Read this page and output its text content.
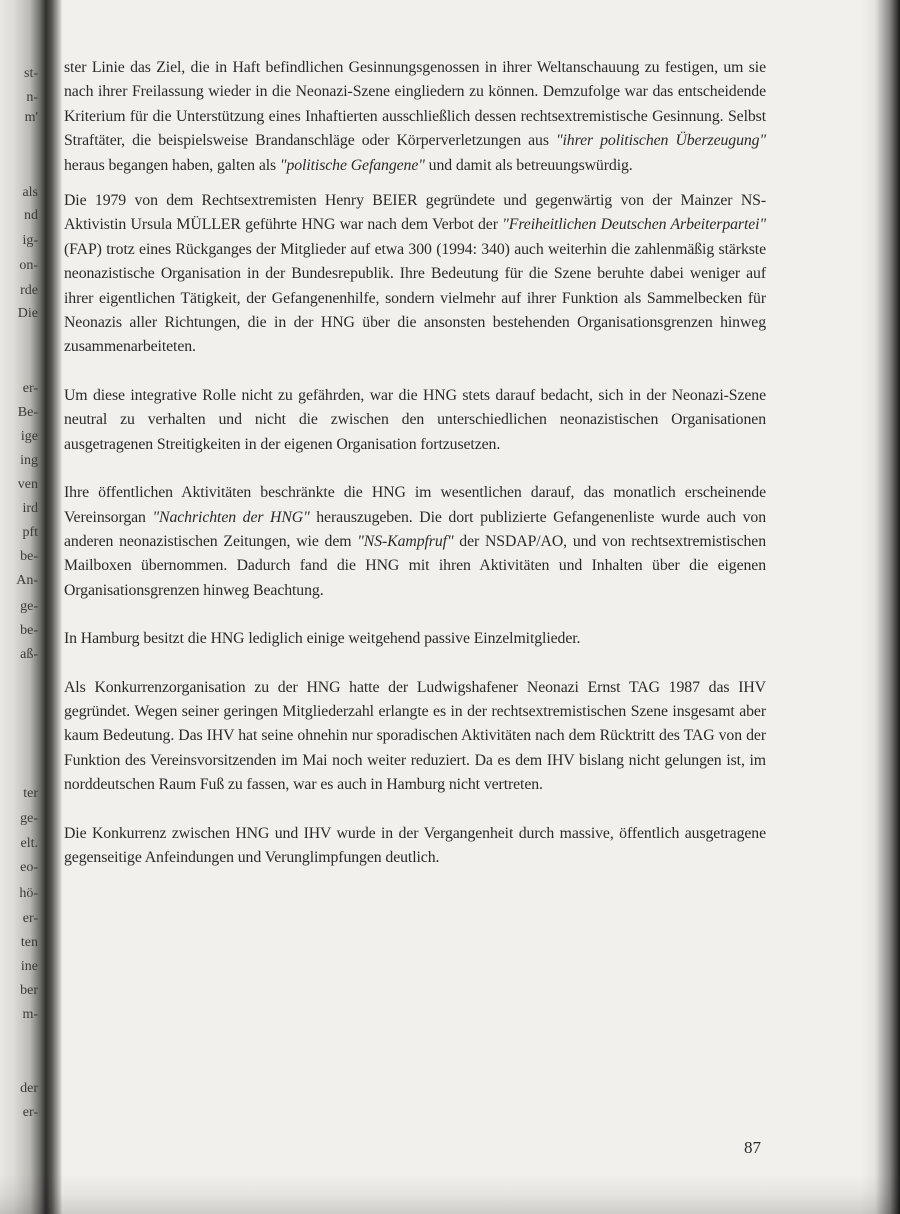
st-
n-
m'
als
nd
ig-
on-
rde
Die
er-
Be-
ige
ing
ven
ird
pft
be-
An-
ge-
be-
aß-
ter
ge-
elt.
eo-
hö-
er-
ten
ine
ber
m-
der
er-

ster Linie das Ziel, die in Haft befindlichen Gesinnungsgenossen in ihrer Weltanschauung zu festigen, um sie nach ihrer Freilassung wieder in die Neonazi-Szene eingliedern zu können. Demzufolge war das entscheidende Kriterium für die Unterstützung eines Inhaftierten ausschließlich dessen rechtsextremistische Gesinnung. Selbst Straftäter, die beispielsweise Brandanschläge oder Körperverletzungen aus "ihrer politischen Überzeugung" heraus begangen haben, galten als "politische Gefangene" und damit als betreuungswürdig.

Die 1979 von dem Rechtsextremisten Henry BEIER gegründete und gegenwärtig von der Mainzer NS-Aktivistin Ursula MÜLLER geführte HNG war nach dem Verbot der "Freiheitlichen Deutschen Arbeiterpartei" (FAP) trotz eines Rückganges der Mitglieder auf etwa 300 (1994: 340) auch weiterhin die zahlenmäßig stärkste neonazistische Organisation in der Bundesrepublik. Ihre Bedeutung für die Szene beruhte dabei weniger auf ihrer eigentlichen Tätigkeit, der Gefangenenhilfe, sondern vielmehr auf ihrer Funktion als Sammelbecken für Neonazis aller Richtungen, die in der HNG über die ansonsten bestehenden Organisationsgrenzen hinweg zusammenarbeiteten.

Um diese integrative Rolle nicht zu gefährden, war die HNG stets darauf bedacht, sich in der Neonazi-Szene neutral zu verhalten und nicht die zwischen den unterschiedlichen neonazistischen Organisationen ausgetragenen Streitigkeiten in der eigenen Organisation fortzusetzen.

Ihre öffentlichen Aktivitäten beschränkte die HNG im wesentlichen darauf, das monatlich erscheinende Vereinsorgan "Nachrichten der HNG" herauszugeben. Die dort publizierte Gefangenenliste wurde auch von anderen neonazistischen Zeitungen, wie dem "NS-Kampfruf" der NSDAP/AO, und von rechtsextremistischen Mailboxen übernommen. Dadurch fand die HNG mit ihren Aktivitäten und Inhalten über die eigenen Organisationsgrenzen hinweg Beachtung.

In Hamburg besitzt die HNG lediglich einige weitgehend passive Einzelmitglieder.

Als Konkurrenzorganisation zu der HNG hatte der Ludwigshafener Neonazi Ernst TAG 1987 das IHV gegründet. Wegen seiner geringen Mitgliederzahl erlangte es in der rechtsextremistischen Szene insgesamt aber kaum Bedeutung. Das IHV hat seine ohnehin nur sporadischen Aktivitäten nach dem Rücktritt des TAG von der Funktion des Vereinsvorsitzenden im Mai noch weiter reduziert. Da es dem IHV bislang nicht gelungen ist, im norddeutschen Raum Fuß zu fassen, war es auch in Hamburg nicht vertreten.

Die Konkurrenz zwischen HNG und IHV wurde in der Vergangenheit durch massive, öffentlich ausgetragene gegenseitige Anfeindungen und Verunglimpfungen deutlich.

87
